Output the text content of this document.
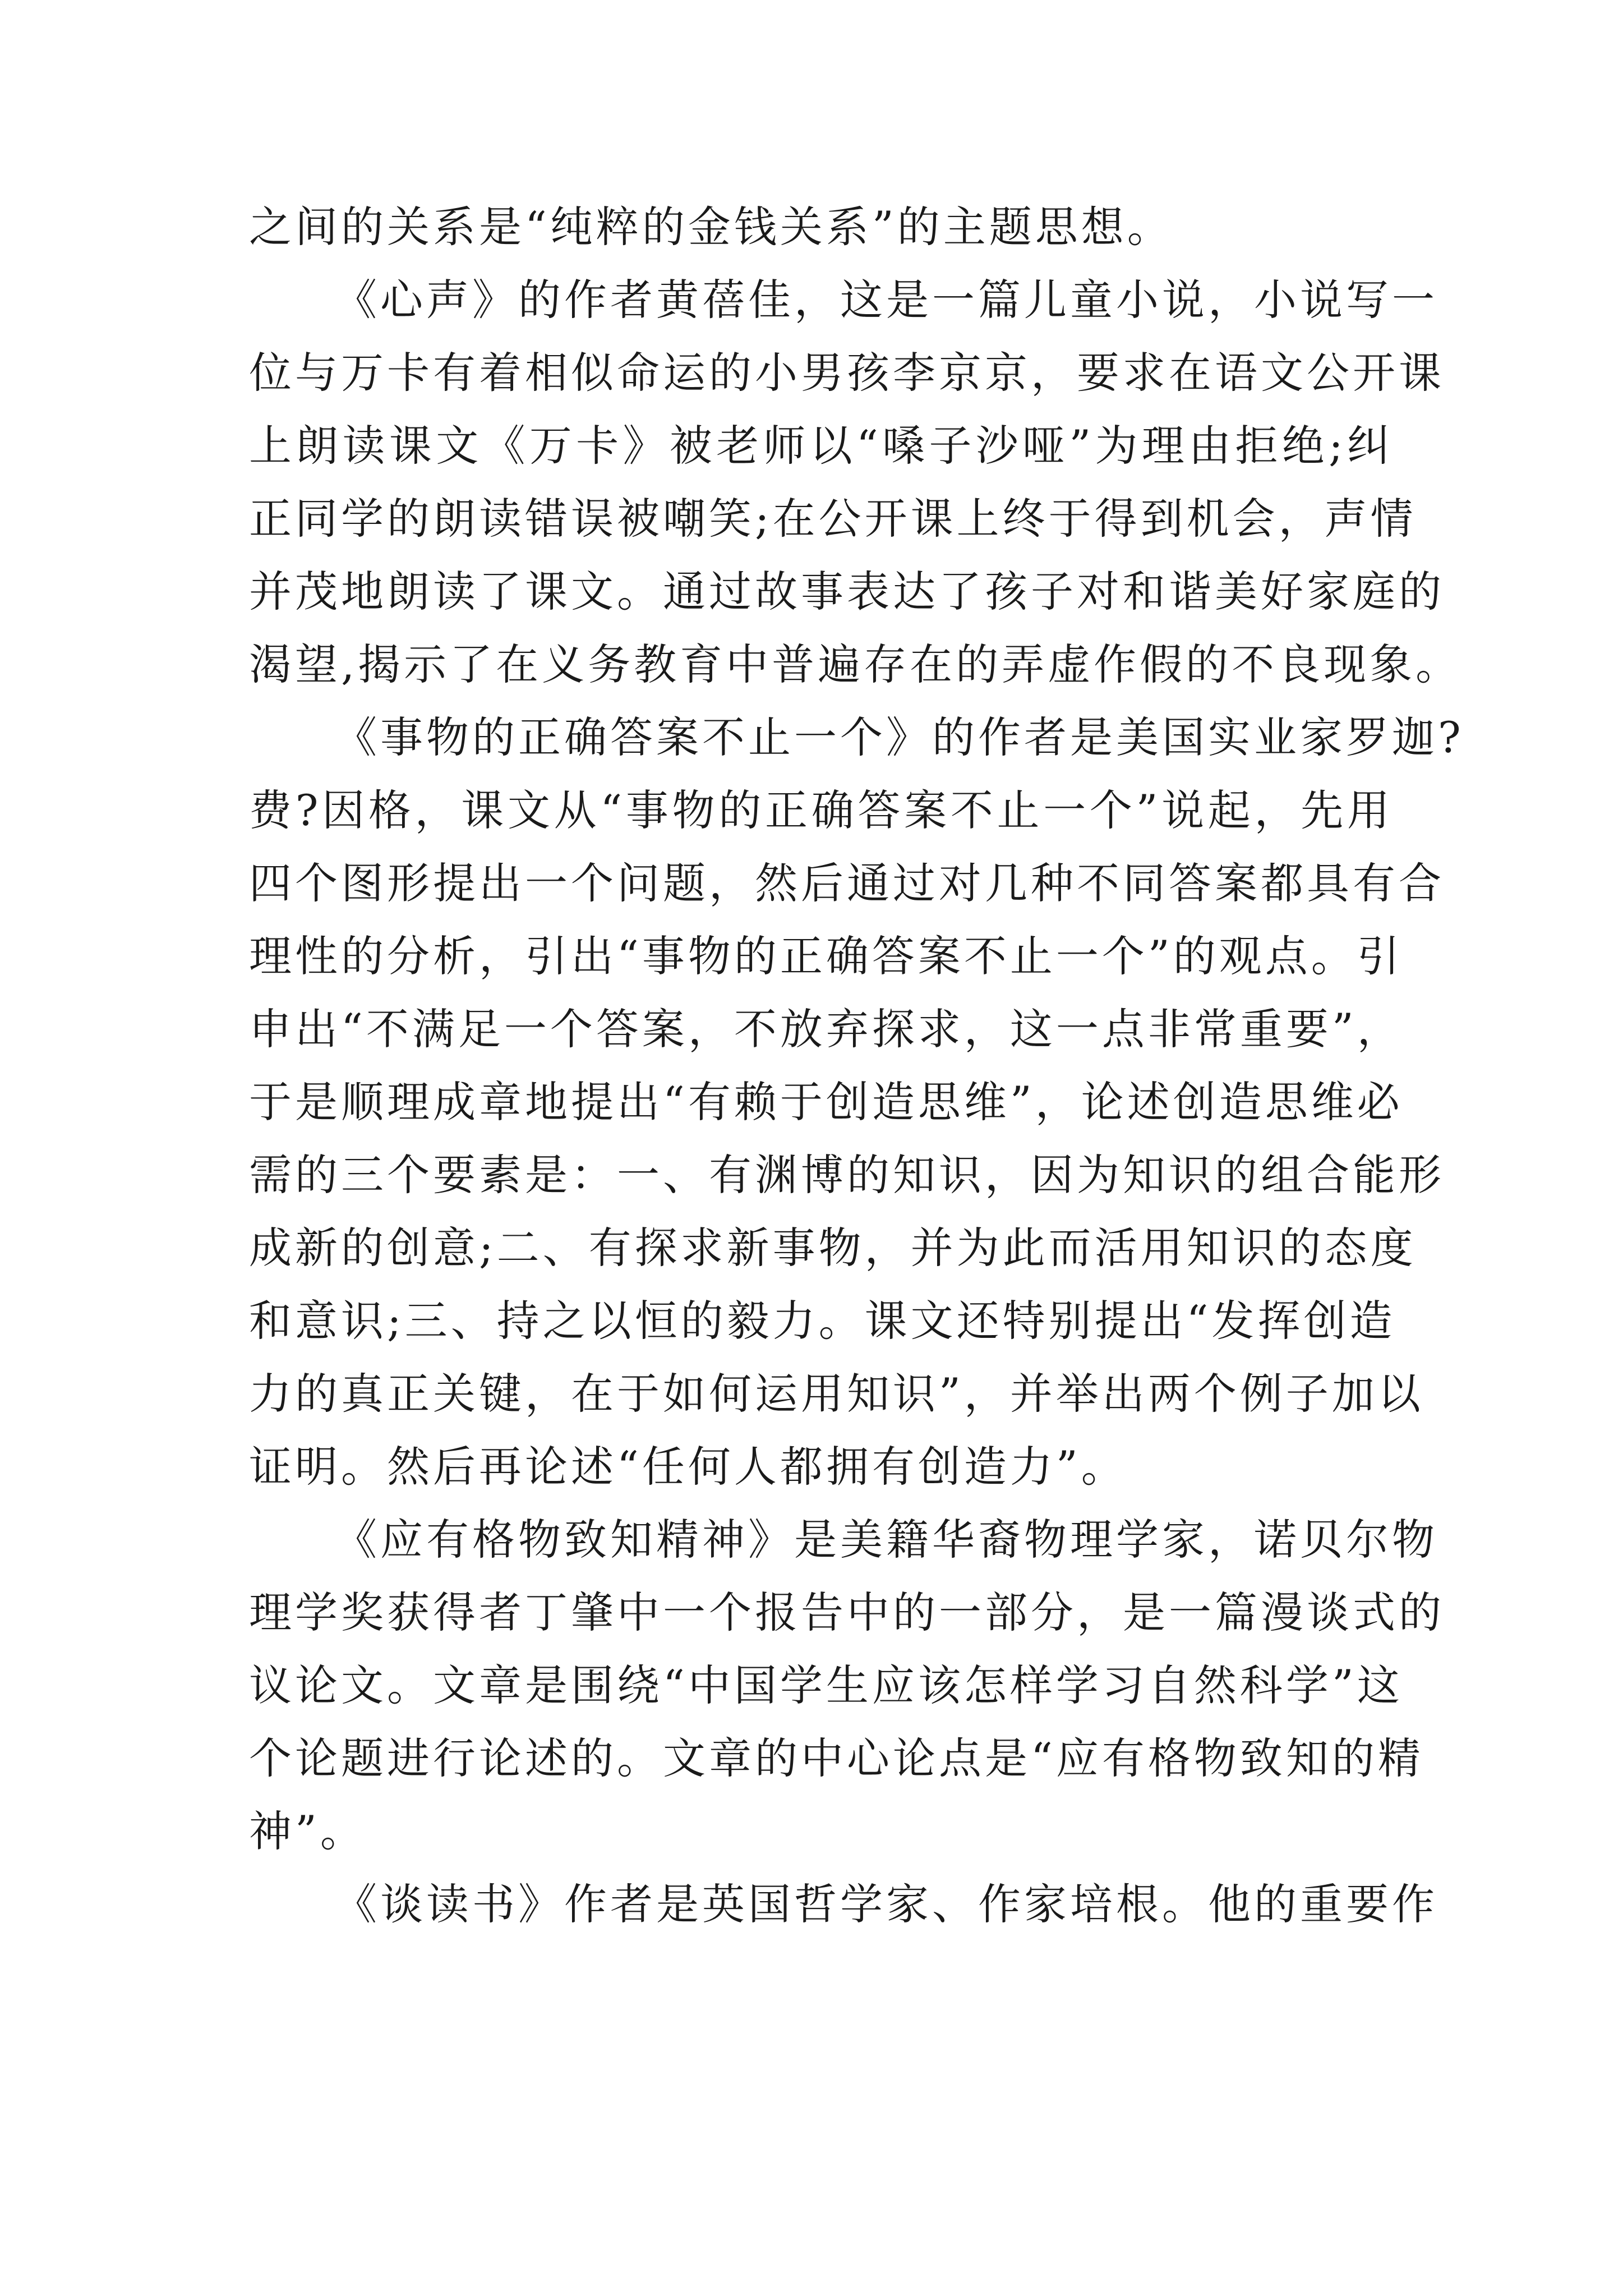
之间的关系是“纯粹的金钱关系”的主题思想。
《心声》的作者黄蓓佳，这是一篇儿童小说，小说写一
位与万卡有着相似命运的小男孩李京京，要求在语文公开课
上朗读课文《万卡》被老师以“嗓子沙哑”为理由拒绝;纠
正同学的朗读错误被嘲笑;在公开课上终于得到机会，声情
并茂地朗读了课文。通过故事表达了孩子对和谐美好家庭的
渴望,揭示了在义务教育中普遍存在的弄虚作假的不良现象。
《事物的正确答案不止一个》的作者是美国实业家罗迦?
费?因格，课文从“事物的正确答案不止一个”说起，先用
四个图形提出一个问题，然后通过对几种不同答案都具有合
理性的分析，引出“事物的正确答案不止一个”的观点。引
申出“不满足一个答案，不放弃探求，这一点非常重要”，
于是顺理成章地提出“有赖于创造思维”，论述创造思维必
需的三个要素是：一、有渊博的知识，因为知识的组合能形
成新的创意;二、有探求新事物，并为此而活用知识的态度
和意识;三、持之以恒的毅力。课文还特别提出“发挥创造
力的真正关键，在于如何运用知识”，并举出两个例子加以
证明。然后再论述“任何人都拥有创造力”。
《应有格物致知精神》是美籍华裔物理学家，诺贝尔物
理学奖获得者丁肇中一个报告中的一部分，是一篇漫谈式的
议论文。文章是围绕“中国学生应该怎样学习自然科学”这
个论题进行论述的。文章的中心论点是“应有格物致知的精
神”。
《谈读书》作者是英国哲学家、作家培根。他的重要作
